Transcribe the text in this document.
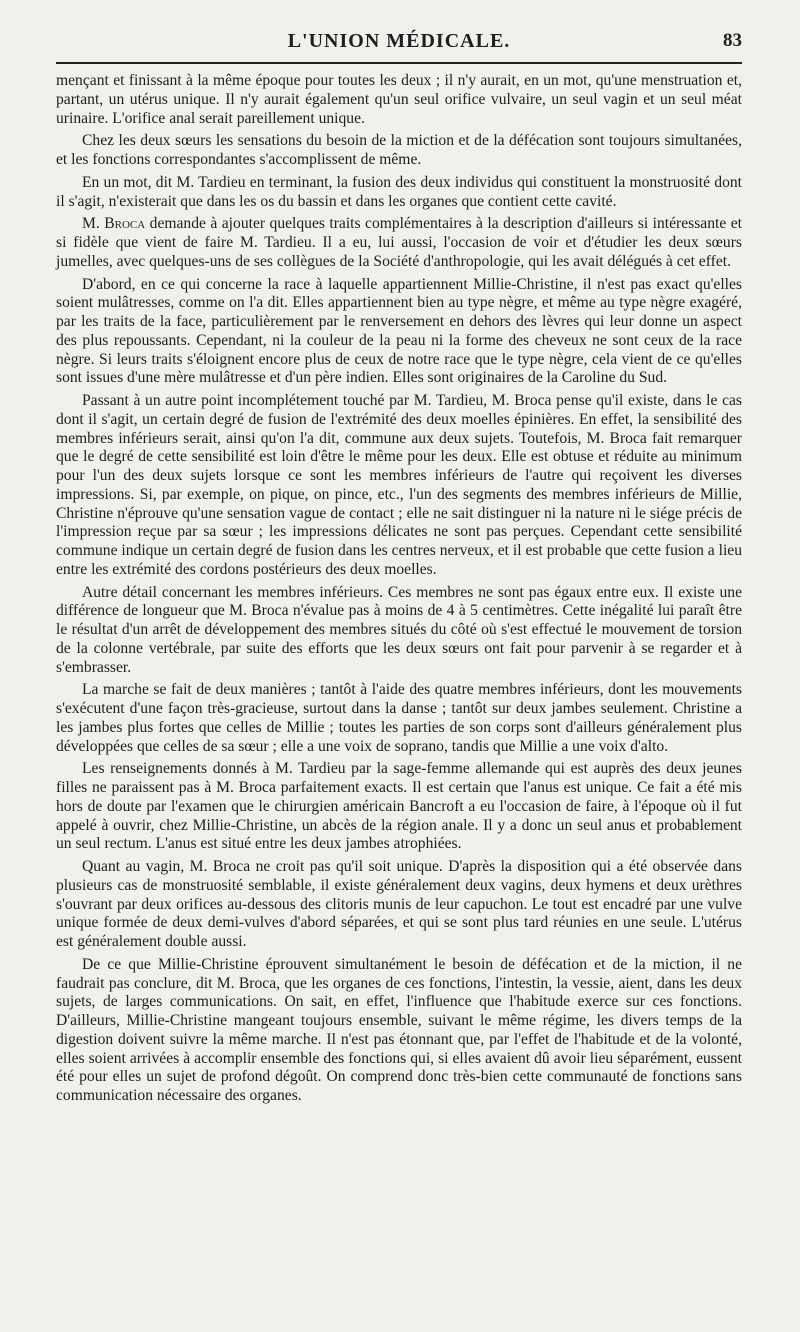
L'UNION MÉDICALE.	83

mençant et finissant à la même époque pour toutes les deux ; il n'y aurait, en un mot, qu'une menstruation et, partant, un utérus unique. Il n'y aurait également qu'un seul orifice vulvaire, un seul vagin et un seul méat urinaire. L'orifice anal serait pareillement unique.

Chez les deux sœurs les sensations du besoin de la miction et de la défécation sont toujours simultanées, et les fonctions correspondantes s'accomplissent de même.

En un mot, dit M. Tardieu en terminant, la fusion des deux individus qui constituent la monstruosité dont il s'agit, n'existerait que dans les os du bassin et dans les organes que contient cette cavité.

M. Broca demande à ajouter quelques traits complémentaires à la description d'ailleurs si intéressante et si fidèle que vient de faire M. Tardieu. Il a eu, lui aussi, l'occasion de voir et d'étudier les deux sœurs jumelles, avec quelques-uns de ses collègues de la Société d'anthropologie, qui les avait délégués à cet effet.

D'abord, en ce qui concerne la race à laquelle appartiennent Millie-Christine, il n'est pas exact qu'elles soient mulâtresses, comme on l'a dit. Elles appartiennent bien au type nègre, et même au type nègre exagéré, par les traits de la face, particulièrement par le renversement en dehors des lèvres qui leur donne un aspect des plus repoussants. Cependant, ni la couleur de la peau ni la forme des cheveux ne sont ceux de la race nègre. Si leurs traits s'éloignent encore plus de ceux de notre race que le type nègre, cela vient de ce qu'elles sont issues d'une mère mulâtresse et d'un père indien. Elles sont originaires de la Caroline du Sud.

Passant à un autre point incomplétement touché par M. Tardieu, M. Broca pense qu'il existe, dans le cas dont il s'agit, un certain degré de fusion de l'extrémité des deux moelles épinières. En effet, la sensibilité des membres inférieurs serait, ainsi qu'on l'a dit, commune aux deux sujets. Toutefois, M. Broca fait remarquer que le degré de cette sensibilité est loin d'être le même pour les deux. Elle est obtuse et réduite au minimum pour l'un des deux sujets lorsque ce sont les membres inférieurs de l'autre qui reçoivent les diverses impressions. Si, par exemple, on pique, on pince, etc., l'un des segments des membres inférieurs de Millie, Christine n'éprouve qu'une sensation vague de contact ; elle ne sait distinguer ni la nature ni le siége précis de l'impression reçue par sa sœur ; les impressions délicates ne sont pas perçues. Cependant cette sensibilité commune indique un certain degré de fusion dans les centres nerveux, et il est probable que cette fusion a lieu entre les extrémité des cordons postérieurs des deux moelles.

Autre détail concernant les membres inférieurs. Ces membres ne sont pas égaux entre eux. Il existe une différence de longueur que M. Broca n'évalue pas à moins de 4 à 5 centimètres. Cette inégalité lui paraît être le résultat d'un arrêt de développement des membres situés du côté où s'est effectué le mouvement de torsion de la colonne vertébrale, par suite des efforts que les deux sœurs ont fait pour parvenir à se regarder et à s'embrasser.

La marche se fait de deux manières ; tantôt à l'aide des quatre membres inférieurs, dont les mouvements s'exécutent d'une façon très-gracieuse, surtout dans la danse ; tantôt sur deux jambes seulement. Christine a les jambes plus fortes que celles de Millie ; toutes les parties de son corps sont d'ailleurs généralement plus développées que celles de sa sœur ; elle a une voix de soprano, tandis que Millie a une voix d'alto.

Les renseignements donnés à M. Tardieu par la sage-femme allemande qui est auprès des deux jeunes filles ne paraissent pas à M. Broca parfaitement exacts. Il est certain que l'anus est unique. Ce fait a été mis hors de doute par l'examen que le chirurgien américain Bancroft a eu l'occasion de faire, à l'époque où il fut appelé à ouvrir, chez Millie-Christine, un abcès de la région anale. Il y a donc un seul anus et probablement un seul rectum. L'anus est situé entre les deux jambes atrophiées.

Quant au vagin, M. Broca ne croit pas qu'il soit unique. D'après la disposition qui a été observée dans plusieurs cas de monstruosité semblable, il existe généralement deux vagins, deux hymens et deux urèthres s'ouvrant par deux orifices au-dessous des clitoris munis de leur capuchon. Le tout est encadré par une vulve unique formée de deux demi-vulves d'abord séparées, et qui se sont plus tard réunies en une seule. L'utérus est généralement double aussi.

De ce que Millie-Christine éprouvent simultanément le besoin de défécation et de la miction, il ne faudrait pas conclure, dit M. Broca, que les organes de ces fonctions, l'intestin, la vessie, aient, dans les deux sujets, de larges communications. On sait, en effet, l'influence que l'habitude exerce sur ces fonctions. D'ailleurs, Millie-Christine mangeant toujours ensemble, suivant le même régime, les divers temps de la digestion doivent suivre la même marche. Il n'est pas étonnant que, par l'effet de l'habitude et de la volonté, elles soient arrivées à accomplir ensemble des fonctions qui, si elles avaient dû avoir lieu séparément, eussent été pour elles un sujet de profond dégoût. On comprend donc très-bien cette communauté de fonctions sans communication nécessaire des organes.
